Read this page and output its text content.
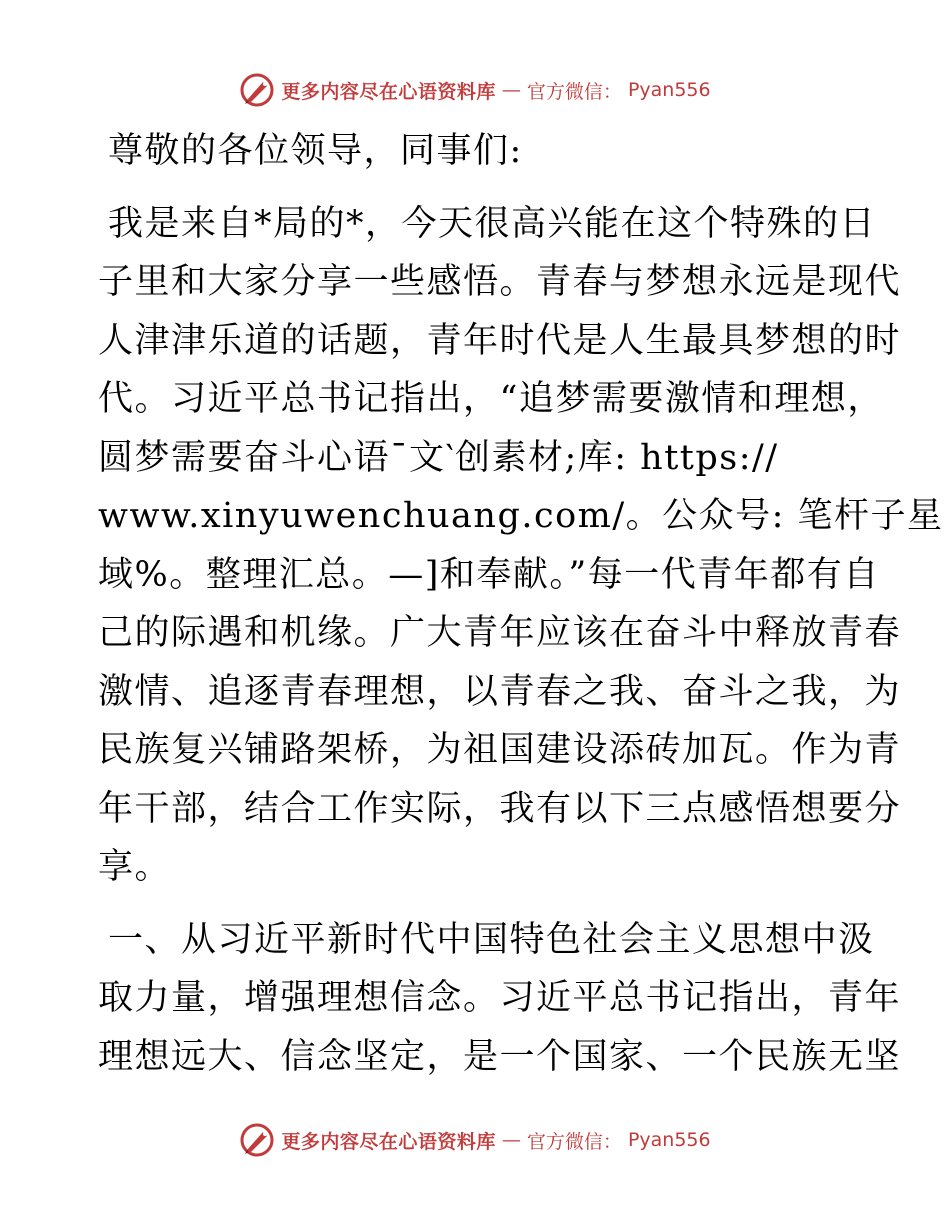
更多内容尽在心语资料库 — 官方微信： Pyan556
尊敬的各位领导，同事们:
我是来自*局的*，今天很高兴能在这个特殊的日
子里和大家分享一些感悟。青春与梦想永远是现代
人津津乐道的话题，青年时代是人生最具梦想的时
代。习近平总书记指出，“追梦需要激情和理想，
圆梦需要奋斗心语¯文‵创素材;库: https://
www.xinyuwenchuang.com/。公众号: 笔杆子星
域%。整理汇总。—]和奉献。”每一代青年都有自
己的际遇和机缘。广大青年应该在奋斗中释放青春
激情、追逐青春理想，以青春之我、奋斗之我，为
民族复兴铺路架桥，为祖国建设添砖加瓦。作为青
年干部，结合工作实际，我有以下三点感悟想要分
享。
一、从习近平新时代中国特色社会主义思想中汲
取力量，增强理想信念。习近平总书记指出，青年
理想远大、信念坚定，是一个国家、一个民族无坚
更多内容尽在心语资料库 — 官方微信： Pyan556
